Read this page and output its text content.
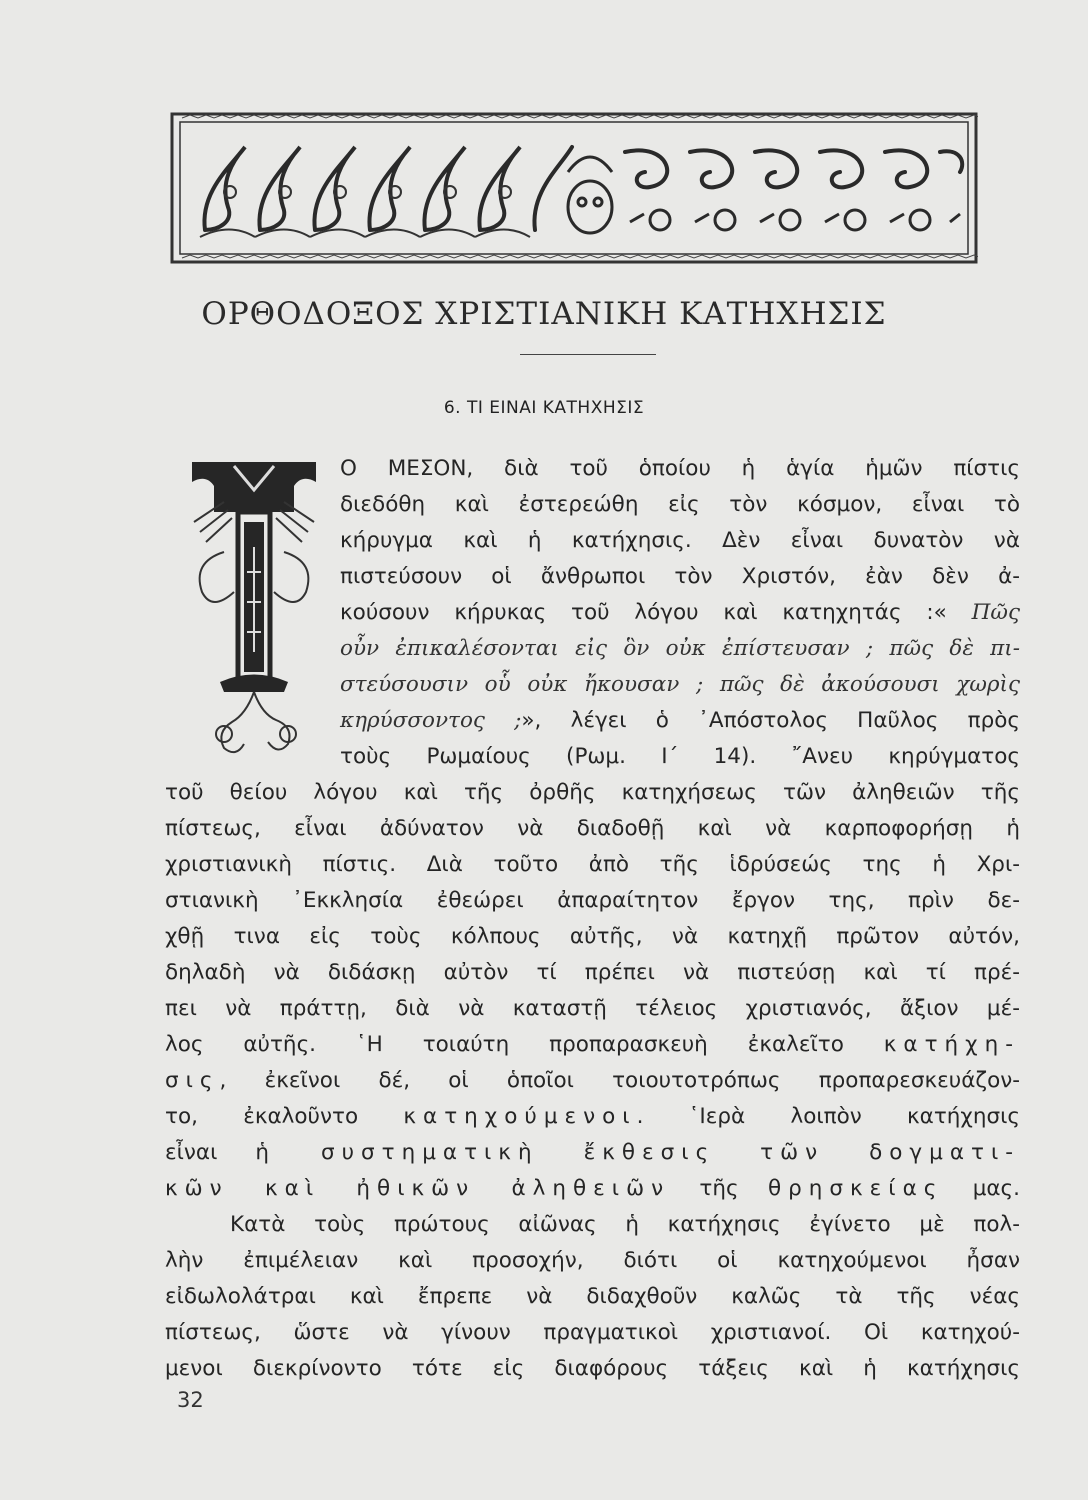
ΟΡΘΟΔΟΞΟΣ ΧΡΙΣΤΙΑΝΙΚΗ ΚΑΤΗΧΗΣΙΣ
6. ΤΙ ΕΙΝΑΙ ΚΑΤΗΧΗΣΙΣ
Ο ΜΕΣΟΝ, διὰ τοῦ ὁποίου ἡ ἁγία ἡμῶν πίστις
διεδόθη καὶ ἐστερεώθη εἰς τὸν κόσμον, εἶναι τὸ
κήρυγμα καὶ ἡ κατήχησις. Δὲν εἶναι δυνατὸν νὰ
πιστεύσουν οἱ ἄνθρωποι τὸν Χριστόν, ἐὰν δὲν ἀ-
κούσουν κήρυκας τοῦ λόγου καὶ κατηχητάς :« Πῶς
οὖν ἐπικαλέσονται εἰς ὃν οὐκ ἐπίστευσαν ; πῶς δὲ πι-
στεύσουσιν οὗ οὐκ ἤκουσαν ; πῶς δὲ ἀκούσουσι χωρὶς
κηρύσσοντος ;», λέγει ὁ ᾿Απόστολος Παῦλος πρὸς
τοὺς Ρωμαίους (Ρωμ. Ι΄ 14). ῎Ανευ κηρύγματος
τοῦ θείου λόγου καὶ τῆς ὀρθῆς κατηχήσεως τῶν ἀληθειῶν τῆς
πίστεως, εἶναι ἀδύνατον νὰ διαδοθῇ καὶ νὰ καρποφορήσῃ ἡ
χριστιανικὴ πίστις. Διὰ τοῦτο ἀπὸ τῆς ἱδρύσεώς της ἡ Χρι-
στιανικὴ ᾿Εκκλησία ἐθεώρει ἀπαραίτητον ἔργον της, πρὶν δε-
χθῇ τινα εἰς τοὺς κόλπους αὐτῆς, νὰ κατηχῇ πρῶτον αὐτόν,
δηλαδὴ νὰ διδάσκῃ αὐτὸν τί πρέπει νὰ πιστεύσῃ καὶ τί πρέ-
πει νὰ πράττῃ, διὰ νὰ καταστῇ τέλειος χριστιανός, ἄξιον μέ-
λος αὐτῆς. ῾Η τοιαύτη προπαρασκευὴ ἐκαλεῖτο κατήχη-
σις, ἐκεῖνοι δέ, οἱ ὁποῖοι τοιουτοτρόπως προπαρεσκευάζον-
το, ἐκαλοῦντο κατηχούμενοι. ῾Ιερὰ λοιπὸν κατήχησις
εἶναι ἡ συστηματικὴ ἔκθεσις τῶν δογματι-
κῶν καὶ ἠθικῶν ἀληθειῶν τῆς θρησκείας μας.
Κατὰ τοὺς πρώτους αἰῶνας ἡ κατήχησις ἐγίνετο μὲ πολ-
λὴν ἐπιμέλειαν καὶ προσοχήν, διότι οἱ κατηχούμενοι ἦσαν
εἰδωλολάτραι καὶ ἔπρεπε νὰ διδαχθοῦν καλῶς τὰ τῆς νέας
πίστεως, ὥστε νὰ γίνουν πραγματικοὶ χριστιανοί. Οἱ κατηχού-
μενοι διεκρίνοντο τότε εἰς διαφόρους τάξεις καὶ ἡ κατήχησις
32
